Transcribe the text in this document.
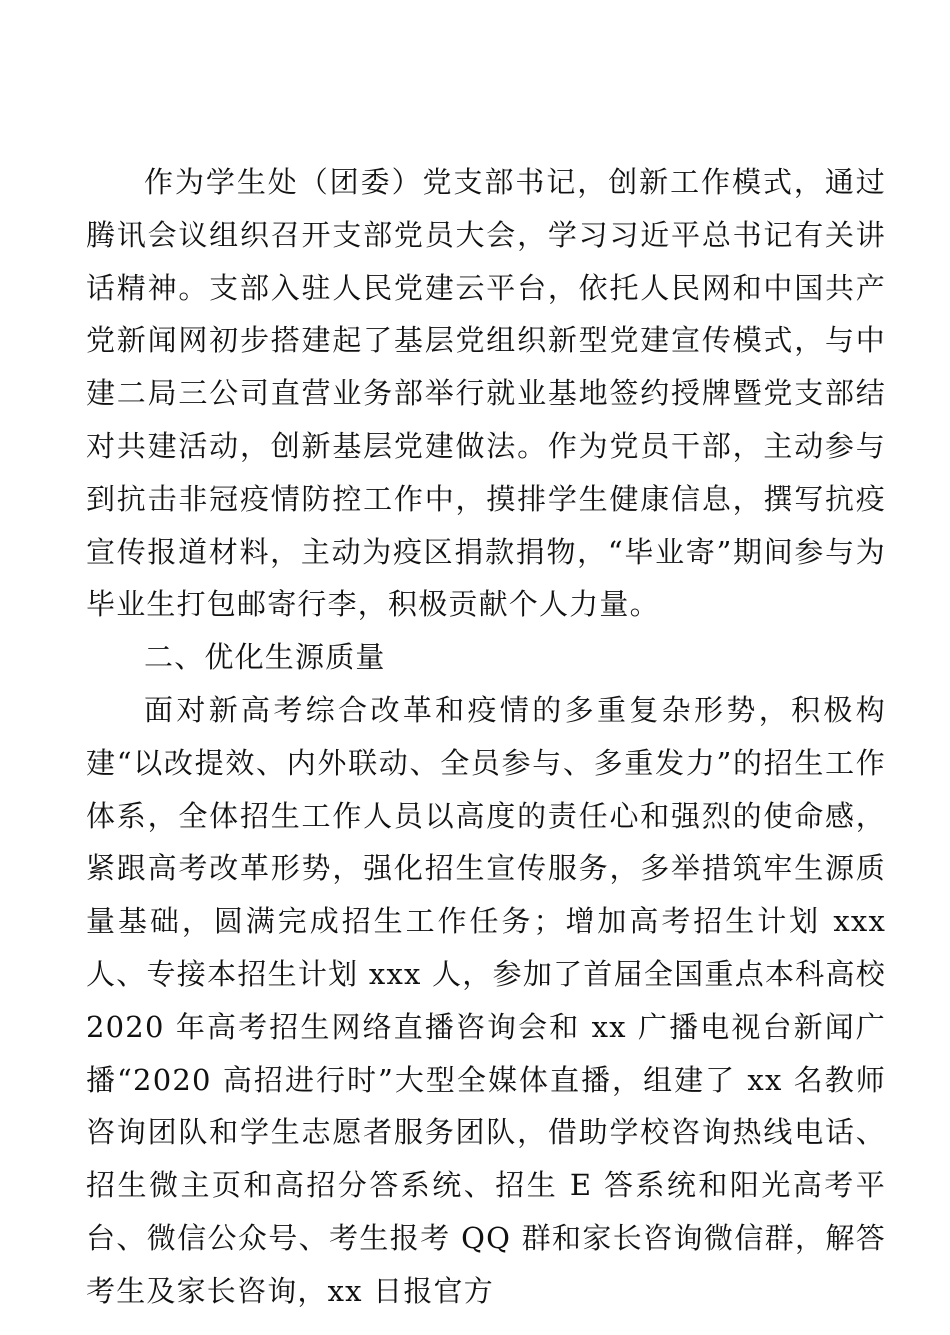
作为学生处（团委）党支部书记，创新工作模式，通过腾讯会议组织召开支部党员大会，学习习近平总书记有关讲话精神。支部入驻人民党建云平台，依托人民网和中国共产党新闻网初步搭建起了基层党组织新型党建宣传模式，与中建二局三公司直营业务部举行就业基地签约授牌暨党支部结对共建活动，创新基层党建做法。作为党员干部，主动参与到抗击非冠疫情防控工作中，摸排学生健康信息，撰写抗疫宣传报道材料，主动为疫区捐款捐物，“毕业寄”期间参与为毕业生打包邮寄行李，积极贡献个人力量。

二、优化生源质量

面对新高考综合改革和疫情的多重复杂形势，积极构建“以改提效、内外联动、全员参与、多重发力”的招生工作体系，全体招生工作人员以高度的责任心和强烈的使命感，紧跟高考改革形势，强化招生宣传服务，多举措筑牢生源质量基础，圆满完成招生工作任务；增加高考招生计划 xxx 人、专接本招生计划 xxx 人，参加了首届全国重点本科高校 2020 年高考招生网络直播咨询会和 xx 广播电视台新闻广播“2020 高招进行时”大型全媒体直播，组建了 xx 名教师咨询团队和学生志愿者服务团队，借助学校咨询热线电话、招生微主页和高招分答系统、招生 E 答系统和阳光高考平台、微信公众号、考生报考 QQ 群和家长咨询微信群，解答考生及家长咨询，xx 日报官方
